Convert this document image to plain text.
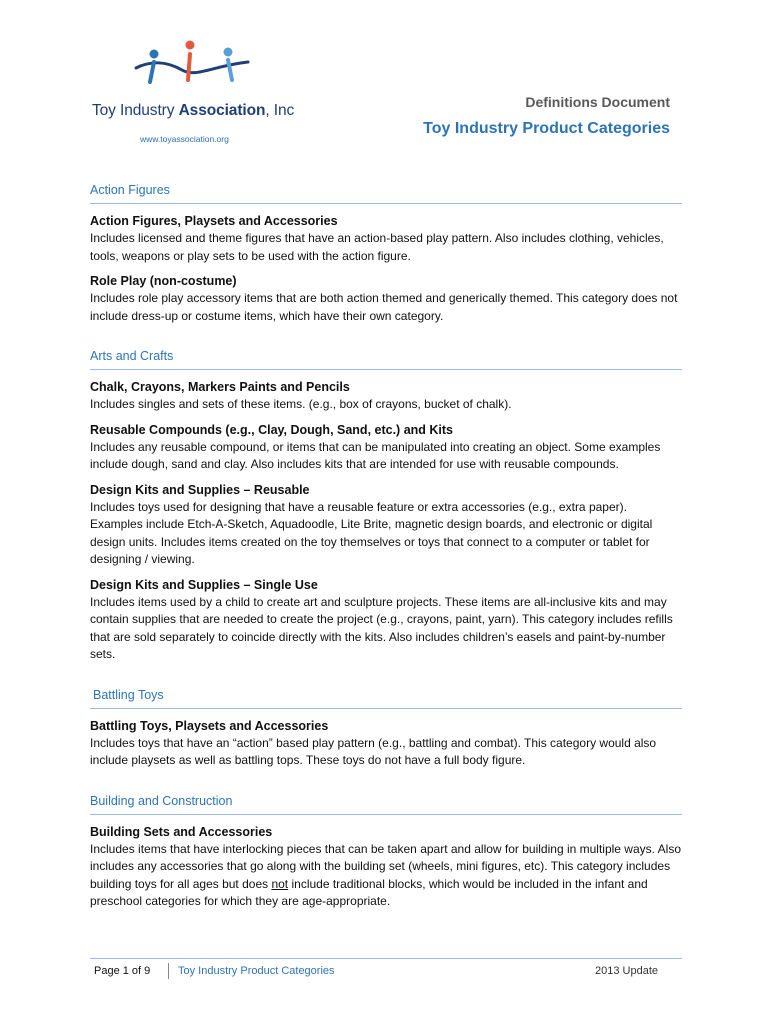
Toy Industry Association, Inc
www.toyassociation.org
Definitions Document
Toy Industry Product Categories
Action Figures
Action Figures, Playsets and Accessories
Includes licensed and theme figures that have an action-based play pattern. Also includes clothing, vehicles, tools, weapons or play sets to be used with the action figure.
Role Play (non-costume)
Includes role play accessory items that are both action themed and generically themed. This category does not include dress-up or costume items, which have their own category.
Arts and Crafts
Chalk, Crayons, Markers Paints and Pencils
Includes singles and sets of these items. (e.g., box of crayons, bucket of chalk).
Reusable Compounds (e.g., Clay, Dough, Sand, etc.) and Kits
Includes any reusable compound, or items that can be manipulated into creating an object. Some examples include dough, sand and clay. Also includes kits that are intended for use with reusable compounds.
Design Kits and Supplies – Reusable
Includes toys used for designing that have a reusable feature or extra accessories (e.g., extra paper). Examples include Etch-A-Sketch, Aquadoodle, Lite Brite, magnetic design boards, and electronic or digital design units. Includes items created on the toy themselves or toys that connect to a computer or tablet for designing / viewing.
Design Kits and Supplies – Single Use
Includes items used by a child to create art and sculpture projects. These items are all-inclusive kits and may contain supplies that are needed to create the project (e.g., crayons, paint, yarn). This category includes refills that are sold separately to coincide directly with the kits. Also includes children’s easels and paint-by-number sets.
Battling Toys
Battling Toys, Playsets and Accessories
Includes toys that have an “action” based play pattern (e.g., battling and combat). This category would also include playsets as well as battling tops. These toys do not have a full body figure.
Building and Construction
Building Sets and Accessories
Includes items that have interlocking pieces that can be taken apart and allow for building in multiple ways. Also includes any accessories that go along with the building set (wheels, mini figures, etc). This category includes building toys for all ages but does not include traditional blocks, which would be included in the infant and preschool categories for which they are age-appropriate.
Page 1 of 9	Toy Industry Product Categories	2013 Update
